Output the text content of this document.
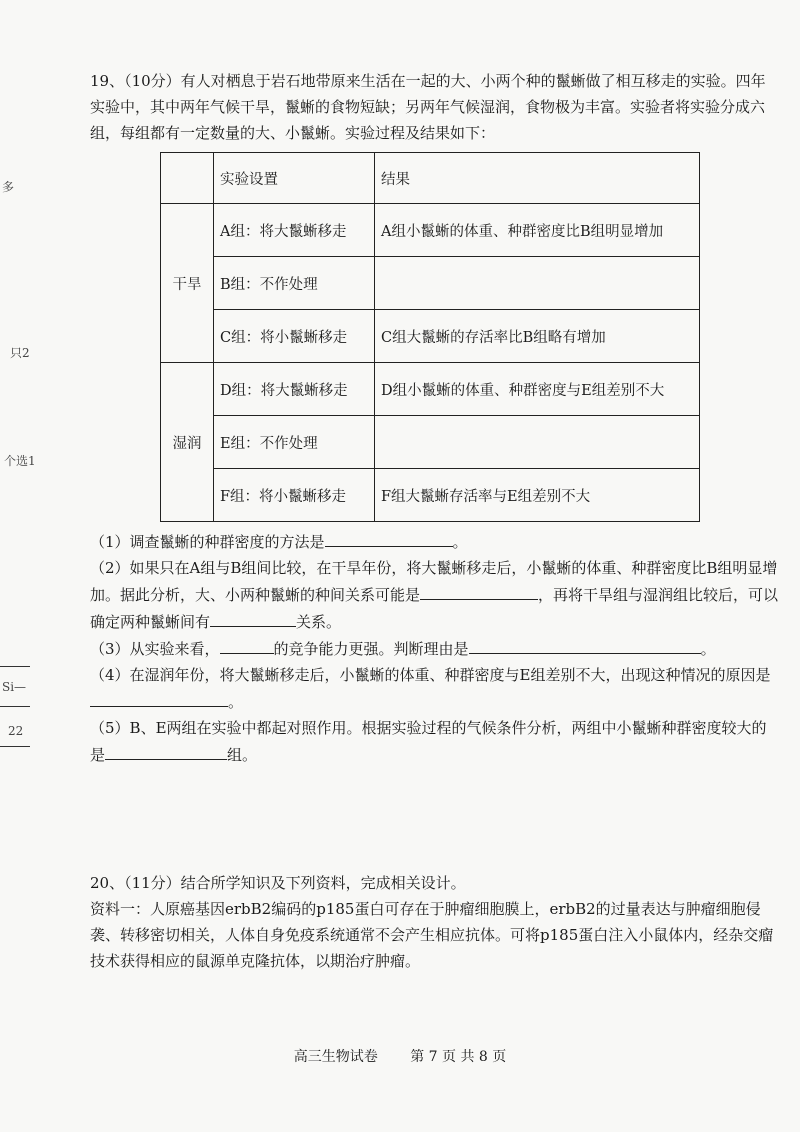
多
只2
个选1
Si—
22

19、（10分）有人对栖息于岩石地带原来生活在一起的大、小两个种的鬣蜥做了相互移走的实验。四年实验中，其中两年气候干旱，鬣蜥的食物短缺；另两年气候湿润，食物极为丰富。实验者将实验分成六组，每组都有一定数量的大、小鬣蜥。实验过程及结果如下：

	实验设置	结果
干旱	A组：将大鬣蜥移走	A组小鬣蜥的体重、种群密度比B组明显增加
	B组：不作处理	
	C组：将小鬣蜥移走	C组大鬣蜥的存活率比B组略有增加
湿润	D组：将大鬣蜥移走	D组小鬣蜥的体重、种群密度与E组差别不大
	E组：不作处理	
	F组：将小鬣蜥移走	F组大鬣蜥存活率与E组差别不大

（1）调查鬣蜥的种群密度的方法是	。

（2）如果只在A组与B组间比较，在干旱年份，将大鬣蜥移走后，小鬣蜥的体重、种群密度比B组明显增加。据此分析，大、小两种鬣蜥的种间关系可能是	，再将干旱组与湿润组比较后，可以确定两种鬣蜥间有	关系。

（3）从实验来看，	的竞争能力更强。判断理由是	。

（4）在湿润年份，将大鬣蜥移走后，小鬣蜥的体重、种群密度与E组差别不大，出现这种情况的原因是。

（5）B、E两组在实验中都起对照作用。根据实验过程的气候条件分析，两组中小鬣蜥种群密度较大的是	组。

20、（11分）结合所学知识及下列资料，完成相关设计。

资料一：人原癌基因erbB2编码的p185蛋白可存在于肿瘤细胞膜上，erbB2的过量表达与肿瘤细胞侵袭、转移密切相关，人体自身免疫系统通常不会产生相应抗体。可将p185蛋白注入小鼠体内，经杂交瘤技术获得相应的鼠源单克隆抗体，以期治疗肿瘤。

高三生物试卷 第 7 页 共 8 页
